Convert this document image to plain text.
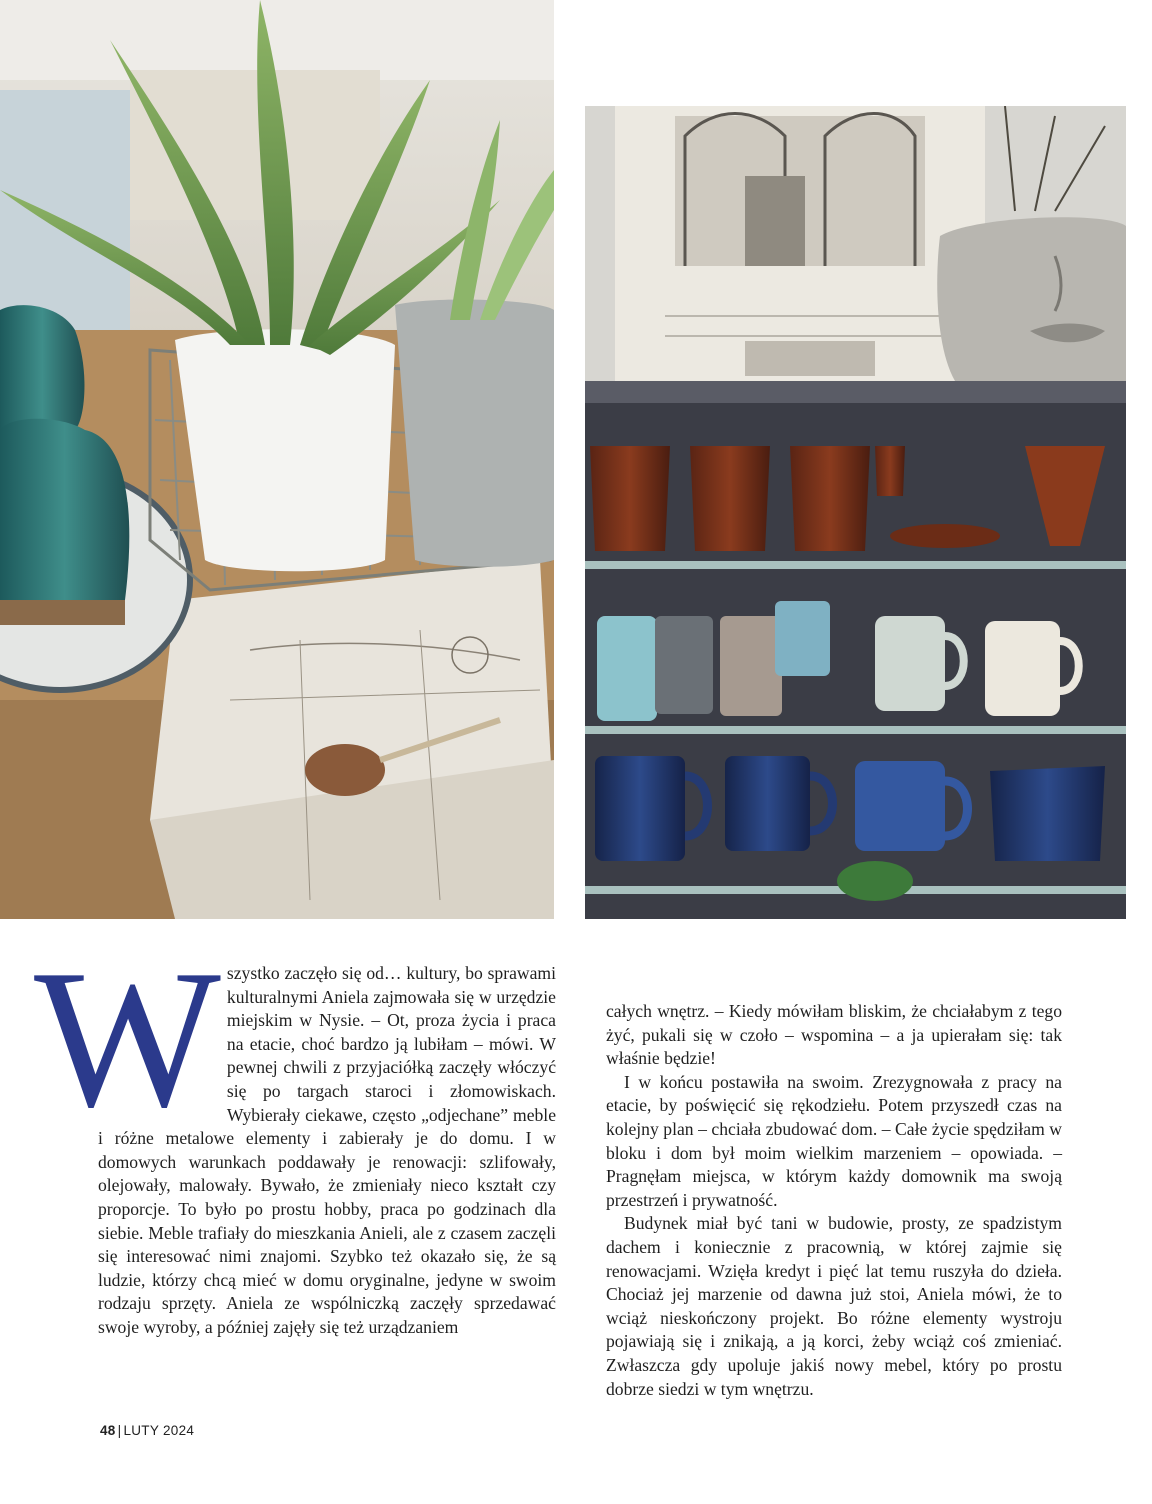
W szystko zaczęło się od… kultury, bo sprawami kulturalnymi Aniela zajmowała się w urzędzie miejskim w Nysie. – Ot, proza życia i praca na etacie, choć bardzo ją lubiłam – mówi. W pewnej chwili z przyjaciółką zaczęły włóczyć się po targach staroci i złomowiskach. Wybierały ciekawe, często „odjechane” meble i różne metalowe elementy i zabierały je do domu. I w domowych warunkach poddawały je renowacji: szlifowały, olejowały, malowały. Bywało, że zmieniały nieco kształt czy proporcje. To było po prostu hobby, praca po godzinach dla siebie. Meble trafiały do mieszkania Anieli, ale z czasem zaczęli się interesować nimi znajomi. Szybko też okazało się, że są ludzie, którzy chcą mieć w domu oryginalne, jedyne w swoim rodzaju sprzęty. Aniela ze wspólniczką zaczęły sprzedawać swoje wyroby, a później zajęły się też urządzaniem

całych wnętrz. – Kiedy mówiłam bliskim, że chciałabym z tego żyć, pukali się w czoło – wspomina – a ja upierałam się: tak właśnie będzie!

I w końcu postawiła na swoim. Zrezygnowała z pracy na etacie, by poświęcić się rękodziełu. Potem przyszedł czas na kolejny plan – chciała zbudować dom. – Całe życie spędziłam w bloku i dom był moim wielkim marzeniem – opowiada. – Pragnęłam miejsca, w którym każdy domownik ma swoją przestrzeń i prywatność.

Budynek miał być tani w budowie, prosty, ze spadzistym dachem i koniecznie z pracownią, w której zajmie się renowacjami. Wzięła kredyt i pięć lat temu ruszyła do dzieła. Chociaż jej marzenie od dawna już stoi, Aniela mówi, że to wciąż nieskończony projekt. Bo różne elementy wystroju pojawiają się i znikają, a ją korci, żeby wciąż coś zmieniać. Zwłaszcza gdy upoluje jakiś nowy mebel, który po prostu dobrze siedzi w tym wnętrzu.

48 | LUTY 2024
